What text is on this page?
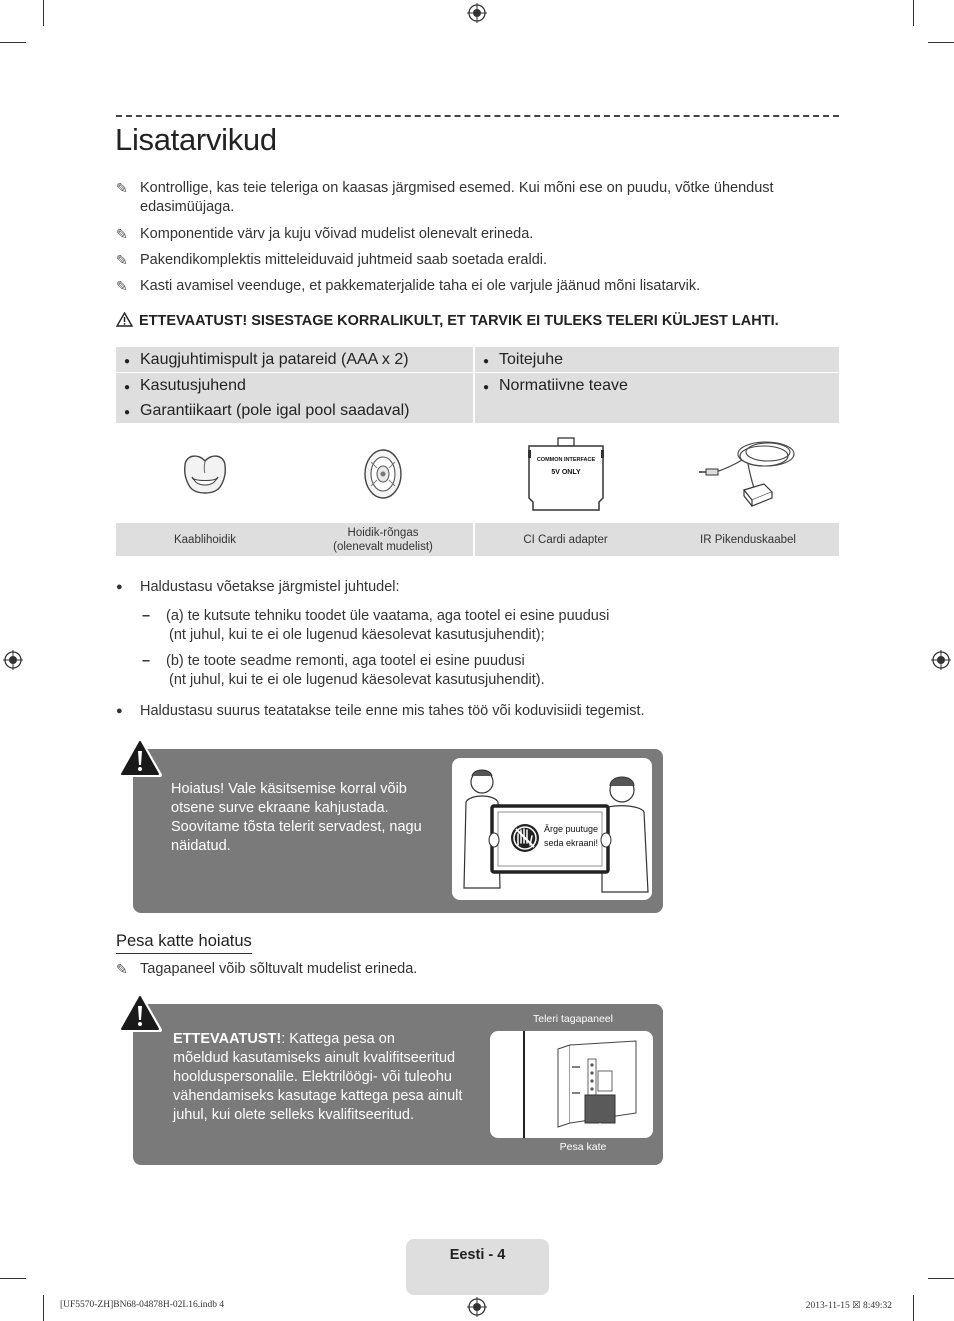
Lisatarvikud
✎ Kontrollige, kas teie teleriga on kaasas järgmised esemed. Kui mõni ese on puudu, võtke ühendust edasimüüjaga.
✎ Komponentide värv ja kuju võivad mudelist olenevalt erineda.
✎ Pakendikomplektis mitteleiduvaid juhtmeid saab soetada eraldi.
✎ Kasti avamisel veenduge, et pakkematerjalide taha ei ole varjule jäänud mõni lisatarvik.
ETTEVAATUST! SISESTAGE KORRALIKULT, ET TARVIK EI TULEKS TELERI KÜLJEST LAHTI.
● Kaugjuhtimispult ja patareid (AAA x 2)	● Toitejuhe
● Kasutusjuhend	● Normatiivne teave
● Garantiikaart (pole igal pool saadaval)
COMMON INTERFACE
5V ONLY
Kaablihoidik
Hoidik-rõngas
(olenevalt mudelist)
CI Cardi adapter	IR Pikenduskaabel
●	Haldustasu võetakse järgmistel juhtudel:
– (a) te kutsute tehniku toodet üle vaatama, aga tootel ei esine puudusi
(nt juhul, kui te ei ole lugenud käesolevat kasutusjuhendit);
– (b) te toote seadme remonti, aga tootel ei esine puudusi
(nt juhul, kui te ei ole lugenud käesolevat kasutusjuhendit).
●	Haldustasu suurus teatatakse teile enne mis tahes töö või koduvisiidi tegemist.
Hoiatus! Vale käsitsemise korral võib
otsene surve ekraane kahjustada.
Soovitame tõsta telerit servadest, nagu
näidatud.
Ärge puutuge
seda ekraani!
Pesa katte hoiatus
✎ Tagapaneel võib sõltuvalt mudelist erineda.
ETTEVAATUST!: Kattega pesa on
mõeldud kasutamiseks ainult kvalifitseeritud
hoolduspersonalile. Elektrilöögi- või tuleohu
vähendamiseks kasutage kattega pesa ainult
juhul, kui olete selleks kvalifitseeritud.
Teleri tagapaneel
Pesa kate
Eesti - 4
[UF5570-ZH]BN68-04878H-02L16.indb 4	2013-11-15 ☒ 8:49:32
